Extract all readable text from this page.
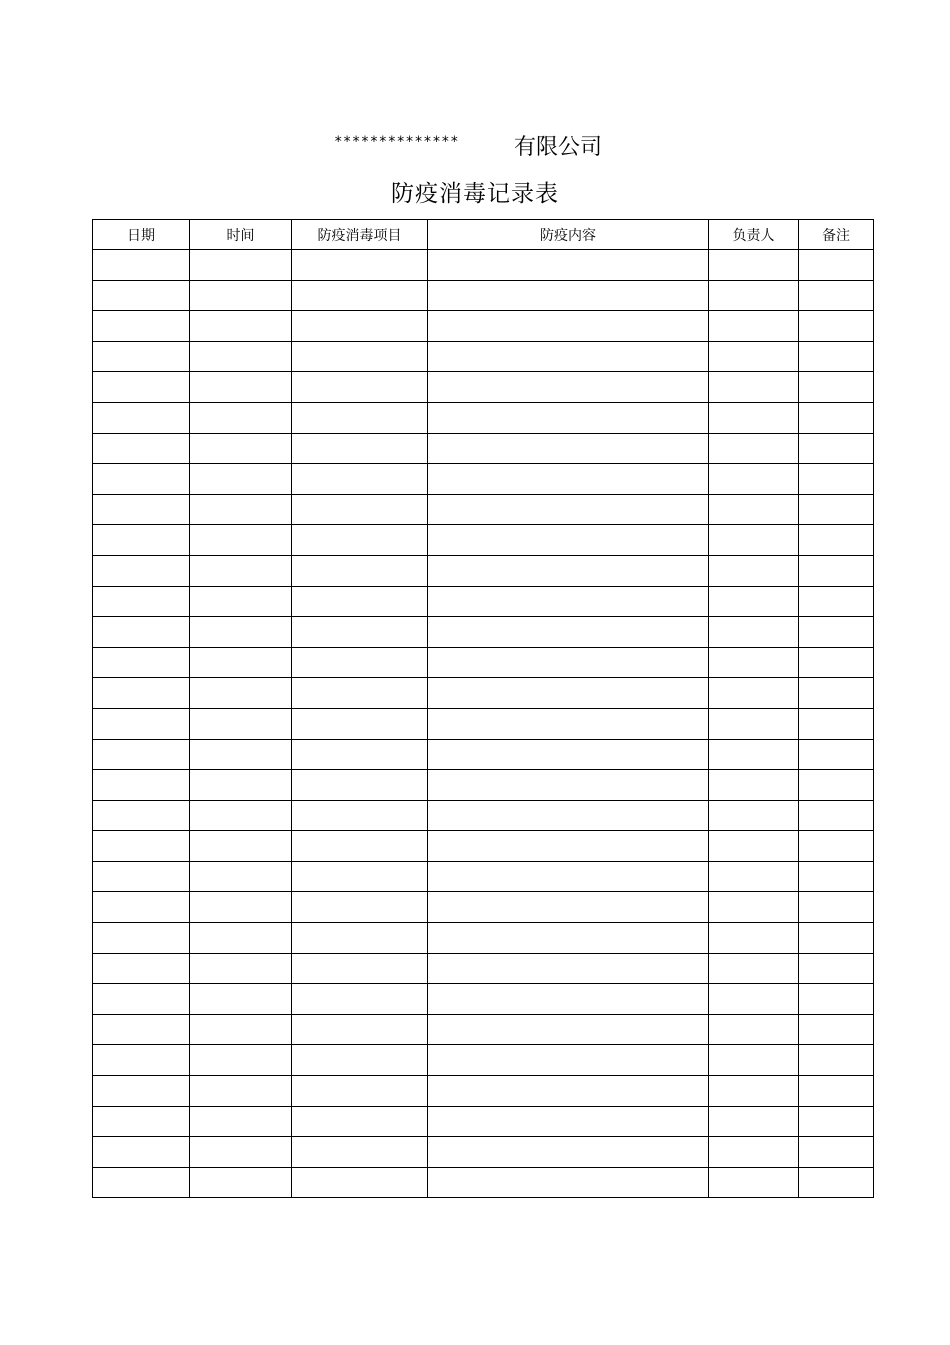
************** 有限公司
防疫消毒记录表
日期	时间	防疫消毒项目	防疫内容	负责人	备注
